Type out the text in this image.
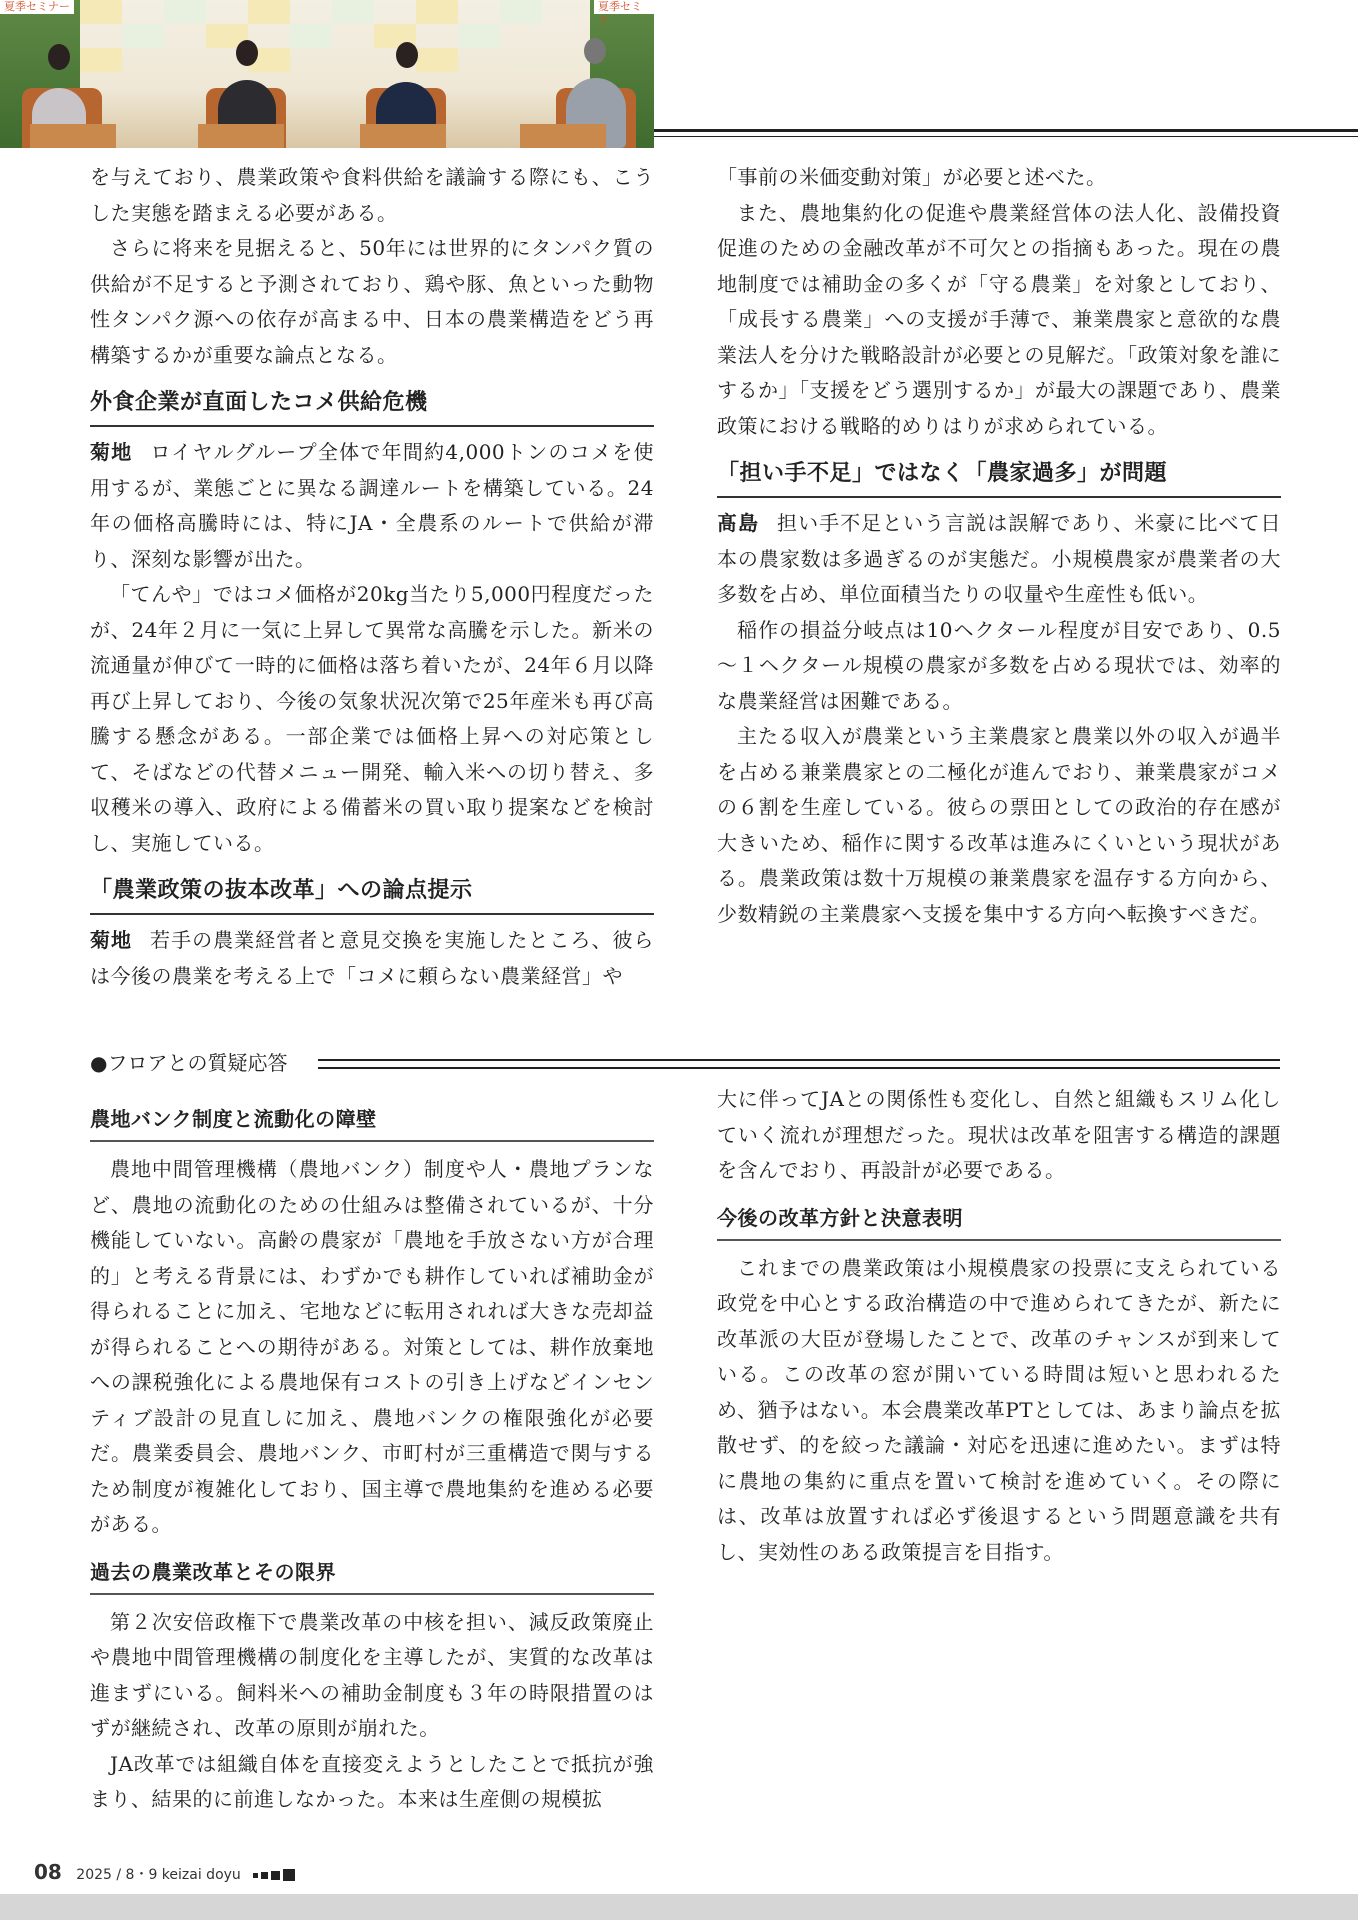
夏季セミナー	夏季セミナ

を与えており、農業政策や食料供給を議論する際にも、こうした実態を踏まえる必要がある。

さらに将来を見据えると、50年には世界的にタンパク質の供給が不足すると予測されており、鶏や豚、魚といった動物性タンパク源への依存が高まる中、日本の農業構造をどう再構築するかが重要な論点となる。

外食企業が直面したコメ供給危機

菊地 ロイヤルグループ全体で年間約4,000トンのコメを使用するが、業態ごとに異なる調達ルートを構築している。24年の価格高騰時には、特にJA・全農系のルートで供給が滞り、深刻な影響が出た。

「てんや」ではコメ価格が20kg当たり5,000円程度だったが、24年２月に一気に上昇して異常な高騰を示した。新米の流通量が伸びて一時的に価格は落ち着いたが、24年６月以降再び上昇しており、今後の気象状況次第で25年産米も再び高騰する懸念がある。一部企業では価格上昇への対応策として、そばなどの代替メニュー開発、輸入米への切り替え、多収穫米の導入、政府による備蓄米の買い取り提案などを検討し、実施している。

「農業政策の抜本改革」への論点提示

菊地 若手の農業経営者と意見交換を実施したところ、彼らは今後の農業を考える上で「コメに頼らない農業経営」や

「事前の米価変動対策」が必要と述べた。

また、農地集約化の促進や農業経営体の法人化、設備投資促進のための金融改革が不可欠との指摘もあった。現在の農地制度では補助金の多くが「守る農業」を対象としており、「成長する農業」への支援が手薄で、兼業農家と意欲的な農業法人を分けた戦略設計が必要との見解だ。「政策対象を誰にするか」「支援をどう選別するか」が最大の課題であり、農業政策における戦略的めりはりが求められている。

「担い手不足」ではなく「農家過多」が問題

髙島 担い手不足という言説は誤解であり、米豪に比べて日本の農家数は多過ぎるのが実態だ。小規模農家が農業者の大多数を占め、単位面積当たりの収量や生産性も低い。

稲作の損益分岐点は10ヘクタール程度が目安であり、0.5～１ヘクタール規模の農家が多数を占める現状では、効率的な農業経営は困難である。

主たる収入が農業という主業農家と農業以外の収入が過半を占める兼業農家との二極化が進んでおり、兼業農家がコメの６割を生産している。彼らの票田としての政治的存在感が大きいため、稲作に関する改革は進みにくいという現状がある。農業政策は数十万規模の兼業農家を温存する方向から、少数精鋭の主業農家へ支援を集中する方向へ転換すべきだ。

●フロアとの質疑応答
農地バンク制度と流動化の障壁

農地中間管理機構（農地バンク）制度や人・農地プランなど、農地の流動化のための仕組みは整備されているが、十分機能していない。高齢の農家が「農地を手放さない方が合理的」と考える背景には、わずかでも耕作していれば補助金が得られることに加え、宅地などに転用されれば大きな売却益が得られることへの期待がある。対策としては、耕作放棄地への課税強化による農地保有コストの引き上げなどインセンティブ設計の見直しに加え、農地バンクの権限強化が必要だ。農業委員会、農地バンク、市町村が三重構造で関与するため制度が複雑化しており、国主導で農地集約を進める必要がある。

過去の農業改革とその限界

第２次安倍政権下で農業改革の中核を担い、減反政策廃止や農地中間管理機構の制度化を主導したが、実質的な改革は進まずにいる。飼料米への補助金制度も３年の時限措置のはずが継続され、改革の原則が崩れた。

JA改革では組織自体を直接変えようとしたことで抵抗が強まり、結果的に前進しなかった。本来は生産側の規模拡

大に伴ってJAとの関係性も変化し、自然と組織もスリム化していく流れが理想だった。現状は改革を阻害する構造的課題を含んでおり、再設計が必要である。

今後の改革方針と決意表明

これまでの農業政策は小規模農家の投票に支えられている政党を中心とする政治構造の中で進められてきたが、新たに改革派の大臣が登場したことで、改革のチャンスが到来している。この改革の窓が開いている時間は短いと思われるため、猶予はない。本会農業改革PTとしては、あまり論点を拡散せず、的を絞った議論・対応を迅速に進めたい。まずは特に農地の集約に重点を置いて検討を進めていく。その際には、改革は放置すれば必ず後退するという問題意識を共有し、実効性のある政策提言を目指す。

08 2025 / 8・9 keizai doyu
